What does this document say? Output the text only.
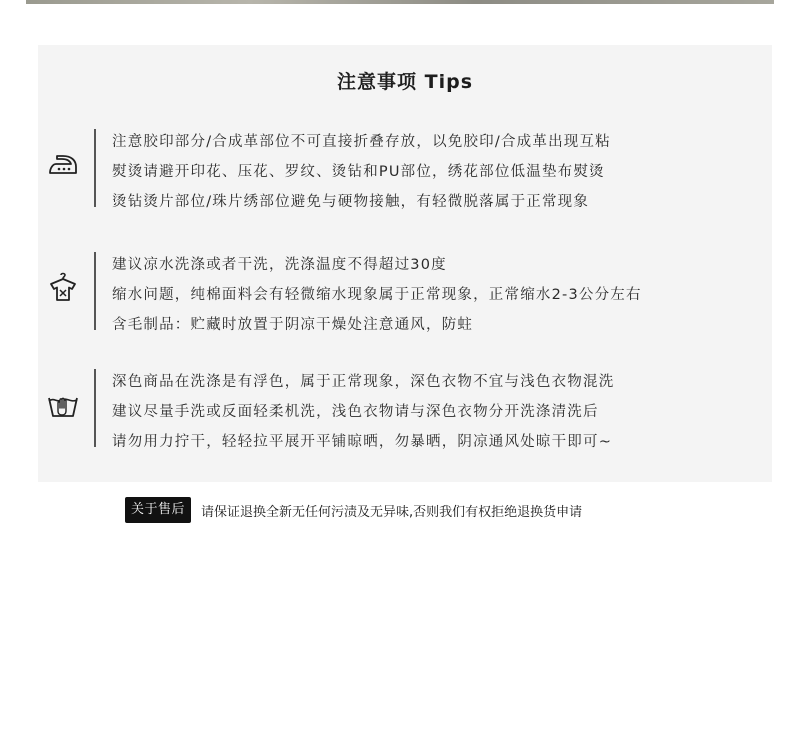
注意事项 Tips
注意胶印部分/合成革部位不可直接折叠存放，以免胶印/合成革出现互粘
熨烫请避开印花、压花、罗纹、烫钻和PU部位，绣花部位低温垫布熨烫
烫钻烫片部位/珠片绣部位避免与硬物接触，有轻微脱落属于正常现象
建议凉水洗涤或者干洗，洗涤温度不得超过30度
缩水问题，纯棉面料会有轻微缩水现象属于正常现象，正常缩水2-3公分左右
含毛制品：贮藏时放置于阴凉干燥处注意通风，防蛀
深色商品在洗涤是有浮色，属于正常现象，深色衣物不宜与浅色衣物混洗
建议尽量手洗或反面轻柔机洗，浅色衣物请与深色衣物分开洗涤清洗后
请勿用力拧干，轻轻拉平展开平铺晾晒，勿暴晒，阴凉通风处晾干即可~
关于售后	请保证退换全新无任何污渍及无异味,否则我们有权拒绝退换货申请
